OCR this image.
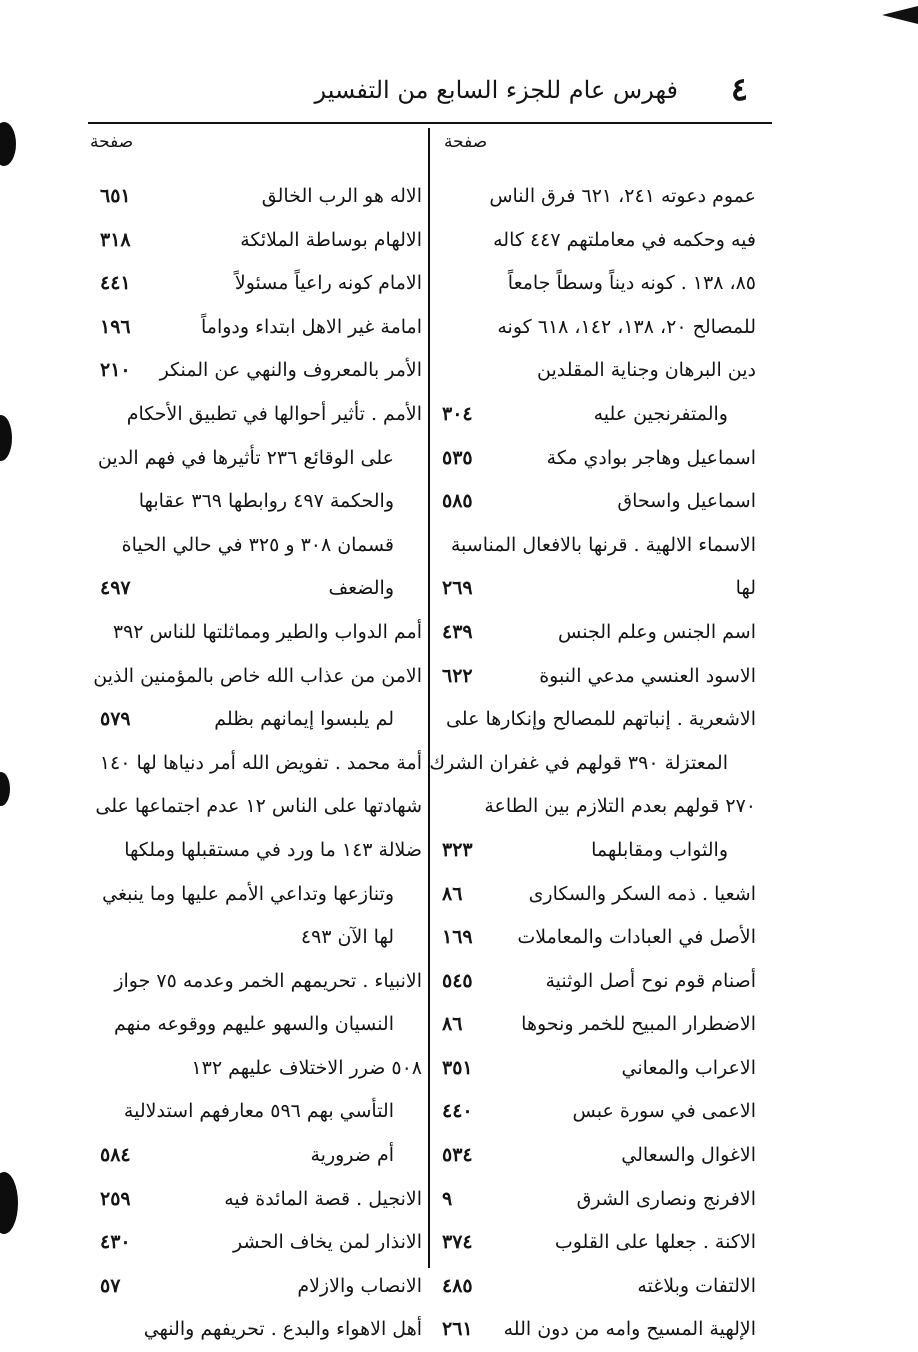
٤
فهرس عام للجزء السابع من التفسير
صفحة
صفحة
عموم دعوته ٢٤١، ٦٢١ فرق الناس
فيه وحكمه في معاملتهم ٤٤٧ كاله
٨٥، ١٣٨ . كونه ديناً وسطاً جامعاً
للمصالح ٢٠، ١٣٨، ١٤٢، ٦١٨ كونه
دين البرهان وجناية المقلدين
والمتفرنجين عليه
٣٠٤
اسماعيل وهاجر بوادي مكة
٥٣٥
اسماعيل واسحاق
٥٨٥
الاسماء الالهية . قرنها بالافعال المناسبة
لها
٢٦٩
اسم الجنس وعلم الجنس
٤٣٩
الاسود العنسي مدعي النبوة
٦٢٢
الاشعرية . إنباتهم للمصالح وإنكارها على
المعتزلة ٣٩٠ قولهم في غفران الشرك
٢٧٠ قولهم بعدم التلازم بين الطاعة
والثواب ومقابلهما
٣٢٣
اشعيا . ذمه السكر والسكارى
٨٦
الأصل في العبادات والمعاملات
١٦٩
أصنام قوم نوح أصل الوثنية
٥٤٥
الاضطرار المبيح للخمر ونحوها
٨٦
الاعراب والمعاني
٣٥١
الاعمى في سورة عبس
٤٤٠
الاغوال والسعالي
٥٣٤
الافرنج ونصارى الشرق
٩
الاكنة . جعلها على القلوب
٣٧٤
الالتفات وبلاغته
٤٨٥
الإلهية المسيح وامه من دون الله
٢٦١
الاله هو الرب الخالق
٦٥١
الالهام بوساطة الملائكة
٣١٨
الامام كونه راعياً مسئولاً
٤٤١
امامة غير الاهل ابتداء ودواماً
١٩٦
الأمر بالمعروف والنهي عن المنكر
٢١٠
الأمم . تأثير أحوالها في تطبيق الأحكام
على الوقائع ٢٣٦ تأثيرها في فهم الدين
والحكمة ٤٩٧ روابطها ٣٦٩ عقابها
قسمان ٣٠٨ و ٣٢٥ في حالي الحياة
والضعف
٤٩٧
أمم الدواب والطير ومماثلتها للناس ٣٩٢
الامن من عذاب الله خاص بالمؤمنين الذين
لم يلبسوا إيمانهم بظلم
٥٧٩
أمة محمد . تفويض الله أمر دنياها لها ١٤٠
شهادتها على الناس ١٢ عدم اجتماعها على
ضلالة ١٤٣ ما ورد في مستقبلها وملكها
وتنازعها وتداعي الأمم عليها وما ينبغي
لها الآن ٤٩٣
الانبياء . تحريمهم الخمر وعدمه ٧٥ جواز
النسيان والسهو عليهم ووقوعه منهم
٥٠٨ ضرر الاختلاف عليهم ١٣٢
التأسي بهم ٥٩٦ معارفهم استدلالية
أم ضرورية
٥٨٤
الانجيل . قصة المائدة فيه
٢٥٩
الانذار لمن يخاف الحشر
٤٣٠
الانصاب والازلام
٥٧
أهل الاهواء والبدع . تحريفهم والنهي
